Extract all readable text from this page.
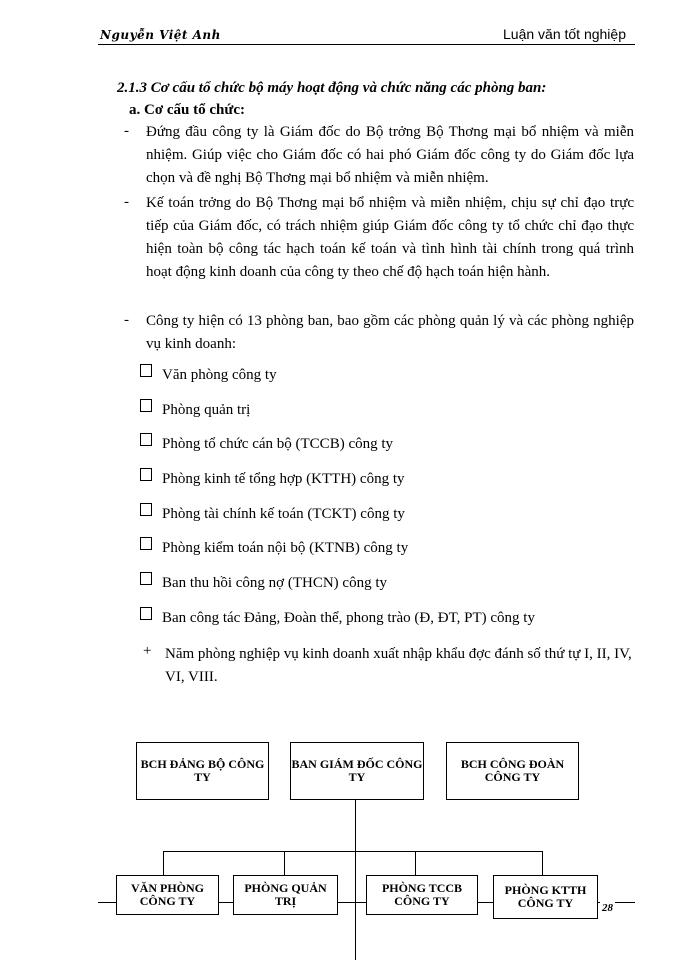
Nguyễn Việt Anh	Luận văn tốt nghiệp
2.1.3 Cơ cấu tổ chức bộ máy hoạt động và chức năng các phòng ban:
a. Cơ cấu tổ chức:
- Đứng đầu công ty là Giám đốc do Bộ trởng Bộ Thơng mại bổ nhiệm và miễn nhiệm. Giúp việc cho Giám đốc có hai phó Giám đốc công ty do Giám đốc lựa chọn và đề nghị Bộ Thơng mại bổ nhiệm và miễn nhiệm.
- Kế toán trởng do Bộ Thơng mại bổ nhiệm và miễn nhiệm, chịu sự chỉ đạo trực tiếp của Giám đốc, có trách nhiệm giúp Giám đốc công ty tổ chức chỉ đạo thực hiện toàn bộ công tác hạch toán kế toán và tình hình tài chính trong quá trình hoạt động kinh doanh của công ty theo chế độ hạch toán hiện hành.
- Công ty hiện có 13 phòng ban, bao gồm các phòng quản lý và các phòng nghiệp vụ kinh doanh:
Văn phòng công ty
Phòng quản trị
Phòng tổ chức cán bộ (TCCB) công ty
Phòng kinh tế tổng hợp (KTTH) công ty
Phòng tài chính kế toán (TCKT) công ty
Phòng kiểm toán nội bộ (KTNB) công ty
Ban thu hồi công nợ (THCN) công ty
Ban công tác Đảng, Đoàn thể, phong trào (Đ, ĐT, PT) công ty
+ Năm phòng nghiệp vụ kinh doanh xuất nhập khẩu đợc đánh số thứ tự I, II, IV, VI, VIII.
BCH ĐẢNG BỘ CÔNG TY
BAN GIÁM ĐỐC CÔNG TY
BCH CÔNG ĐOÀN CÔNG TY
VĂN PHÒNG CÔNG TY
PHÒNG QUẢN TRỊ
PHÒNG TCCB CÔNG TY
PHÒNG KTTH CÔNG TY	28
